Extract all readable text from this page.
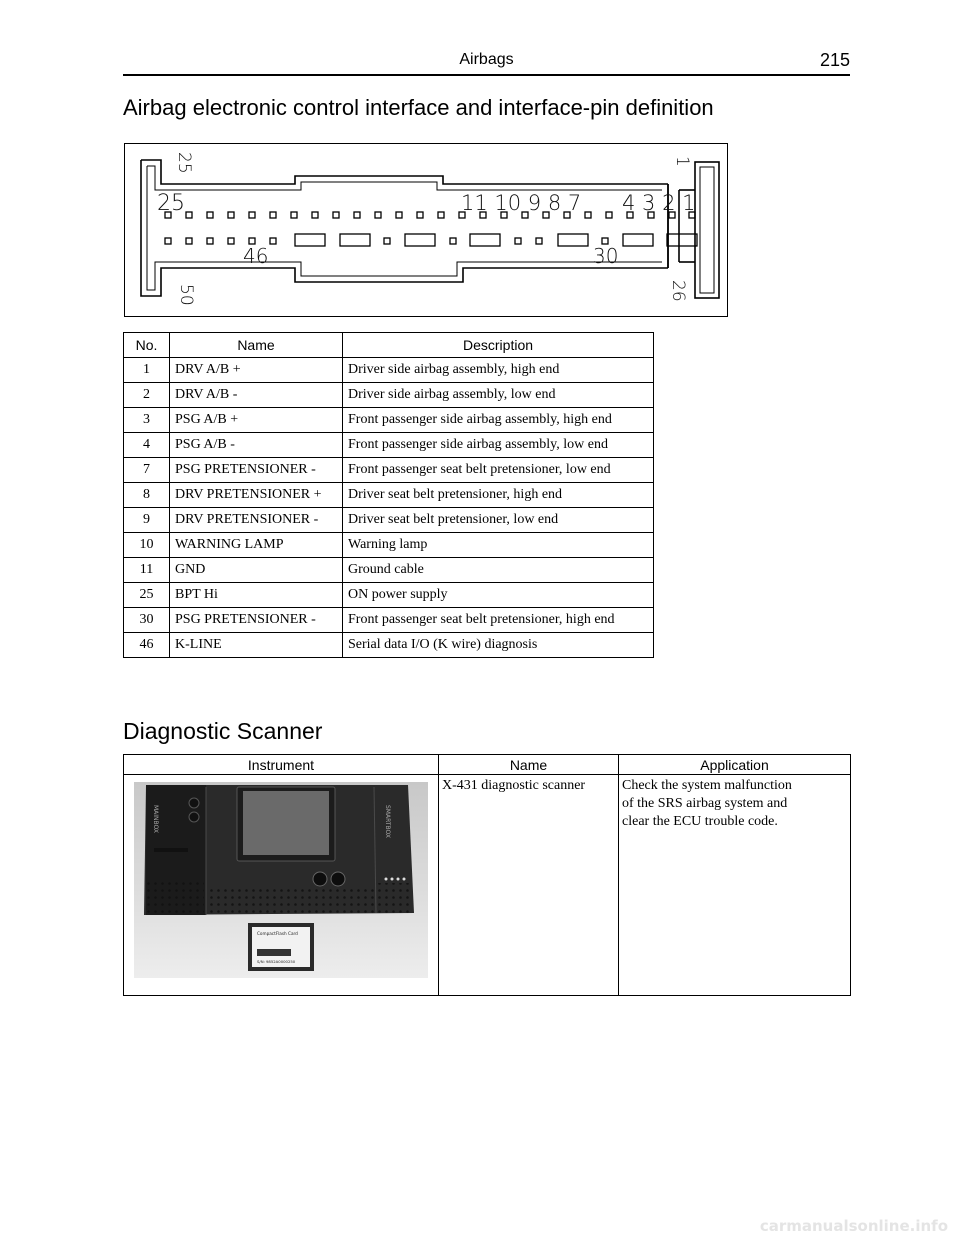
Airbags	215
Airbag electronic control interface and interface-pin definition
25	11 10 9 8 7 4 3 2 1
46	30
25	1
50	26
No.	Name	Description
1	DRV A/B +	Driver side airbag assembly, high end
2	DRV A/B -	Driver side airbag assembly, low end
3	PSG A/B +	Front passenger side airbag assembly, high end
4	PSG A/B -	Front passenger side airbag assembly, low end
7	PSG PRETENSIONER -	Front passenger seat belt pretensioner, low end
8	DRV PRETENSIONER +	Driver seat belt pretensioner, high end
9	DRV PRETENSIONER -	Driver seat belt pretensioner, low end
10	WARNING LAMP	Warning lamp
11	GND	Ground cable
25	BPT Hi	ON power supply
30	PSG PRETENSIONER -	Front passenger seat belt pretensioner, high end
46	K-LINE	Serial data I/O (K wire) diagnosis
Diagnostic Scanner
Instrument	Name	Application

MAINBOX SMARTBOX
CompactFlash Card
S/N: 9852A0000250	X-431 diagnostic scanner	Check the system malfunction
of the SRS airbag system and
clear the ECU trouble code.
carmanualsonline.info
